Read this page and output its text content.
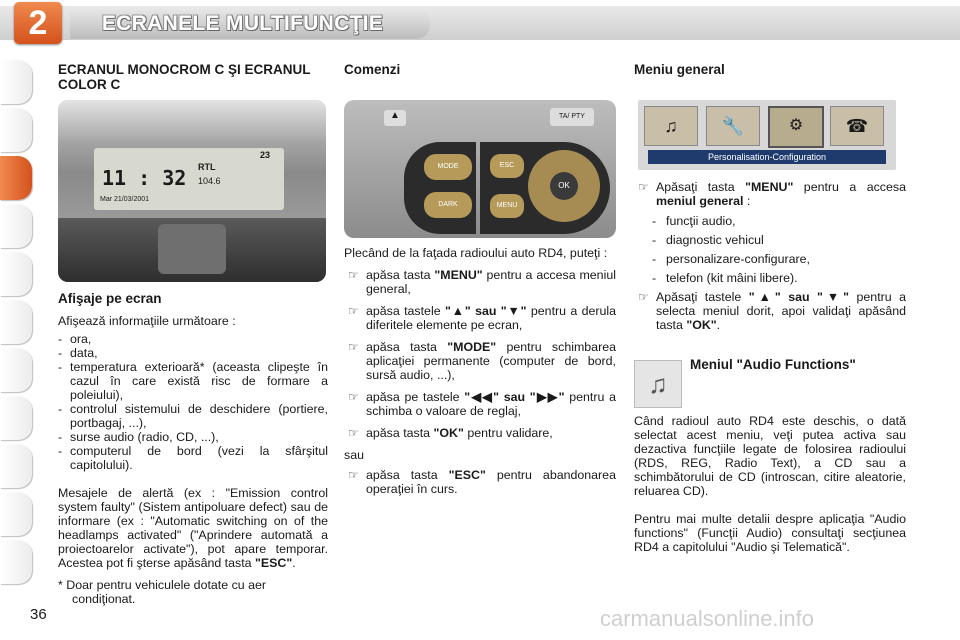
2	ECRANELE MULTIFUNCŢIE
ECRANUL MONOCROM C ŞI ECRANUL COLOR C
11 : 32 RTL
104.6
23
Mar 21/03/2001
Afişaje pe ecran

Afişează informaţiile următoare :

- ora,
- data,
- temperatura exterioară* (aceasta clipeşte în cazul în care există risc de formare a poleiului),
- controlul sistemului de deschidere (portiere, portbagaj, ...),
- surse audio (radio, CD, ...),
- computerul de bord (vezi la sfârşitul capitolului).

Mesajele de alertă (ex : "Emission control system faulty" (Sistem antipoluare defect) sau de informare (ex : "Automatic switching on of the headlamps activated" ("Aprindere automată a proiectoarelor activate"), pot apare temporar. Acestea pot fi şterse apăsând tasta "ESC".

* Doar pentru vehiculele dotate cu aer condiţionat.

Comenzi
MODE
DARK
ESC
MENU
OK
▲	TA/ PTY

Plecând de la faţada radioului auto RD4, puteţi :

☞ apăsa tasta "MENU" pentru a accesa meniul general,
☞ apăsa tastele "▲" sau "▼" pentru a derula diferitele elemente pe ecran,
☞ apăsa tasta "MODE" pentru schimbarea aplicaţiei permanente (computer de bord, sursă audio, ...),
☞ apăsa pe tastele "◀◀" sau "▶▶" pentru a schimba o valoare de reglaj,
☞ apăsa tasta "OK" pentru validare,

sau

☞ apăsa tasta "ESC" pentru abandonarea operaţiei în curs.
Meniu general
♫	🔧	⚙	☎
Personalisation-Configuration
☞ Apăsaţi tasta "MENU" pentru a accesa meniul general :
- funcţii audio,
- diagnostic vehicul
- personalizare-configurare,
- telefon (kit mâini libere).
☞ Apăsaţi tastele "▲" sau "▼" pentru a selecta meniul dorit, apoi validaţi apăsând tasta "OK".
♫
Meniul "Audio Functions"

Când radioul auto RD4 este deschis, o dată selectat acest meniu, veţi putea activa sau dezactiva funcţiile legate de folosirea radioului (RDS, REG, Radio Text), a CD sau a schimbătorului de CD (introscan, citire aleatorie, reluarea CD).

Pentru mai multe detalii despre aplicaţia "Audio functions" (Funcţii Audio) consultaţi secţiunea RD4 a capitolului "Audio şi Telematică".

36	carmanualsonline.info
